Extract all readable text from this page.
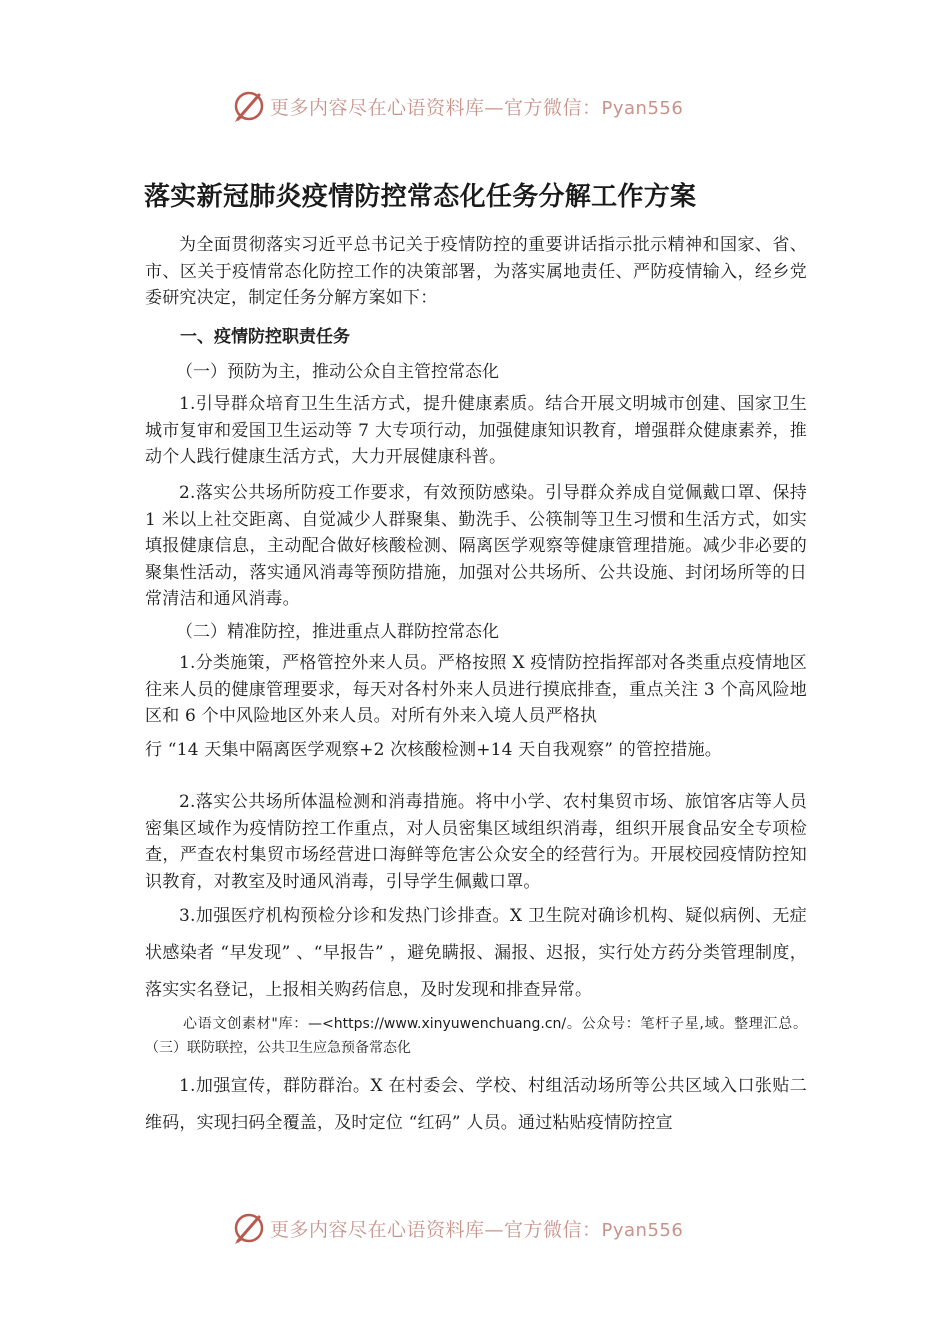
更多内容尽在心语资料库—官方微信：Pyan556
落实新冠肺炎疫情防控常态化任务分解工作方案

为全面贯彻落实习近平总书记关于疫情防控的重要讲话指示批示精神和国家、省、市、区关于疫情常态化防控工作的决策部署，为落实属地责任、严防疫情输入，经乡党委研究决定，制定任务分解方案如下：

一、疫情防控职责任务
（一）预防为主，推动公众自主管控常态化

1.引导群众培育卫生生活方式，提升健康素质。结合开展文明城市创建、国家卫生城市复审和爱国卫生运动等 7 大专项行动，加强健康知识教育，增强群众健康素养，推动个人践行健康生活方式，大力开展健康科普。

2.落实公共场所防疫工作要求，有效预防感染。引导群众养成自觉佩戴口罩、保持 1 米以上社交距离、自觉减少人群聚集、勤洗手、公筷制等卫生习惯和生活方式，如实填报健康信息，主动配合做好核酸检测、隔离医学观察等健康管理措施。减少非必要的聚集性活动，落实通风消毒等预防措施，加强对公共场所、公共设施、封闭场所等的日常清洁和通风消毒。

（二）精准防控，推进重点人群防控常态化

1.分类施策，严格管控外来人员。严格按照 X 疫情防控指挥部对各类重点疫情地区往来人员的健康管理要求，每天对各村外来人员进行摸底排查，重点关注 3 个高风险地区和 6 个中风险地区外来人员。对所有外来入境人员严格执

行 “14 天集中隔离医学观察+2 次核酸检测+14 天自我观察” 的管控措施。

2.落实公共场所体温检测和消毒措施。将中小学、农村集贸市场、旅馆客店等人员密集区域作为疫情防控工作重点，对人员密集区域组织消毒，组织开展食品安全专项检查，严查农村集贸市场经营进口海鲜等危害公众安全的经营行为。开展校园疫情防控知识教育，对教室及时通风消毒，引导学生佩戴口罩。

3.加强医疗机构预检分诊和发热门诊排查。X 卫生院对确诊机构、疑似病例、无症状感染者 “早发现” 、“早报告” ，避免瞒报、漏报、迟报，实行处方药分类管理制度，落实实名登记，上报相关购药信息，及时发现和排查异常。

心语文创素材"库：—<https://www.xinyuwenchuang.cn/。公众号：笔杆子星,域。整理汇总。（三）联防联控，公共卫生应急预备常态化

1.加强宣传，群防群治。X 在村委会、学校、村组活动场所等公共区域入口张贴二维码，实现扫码全覆盖，及时定位 “红码” 人员。通过粘贴疫情防控宣

更多内容尽在心语资料库—官方微信：Pyan556
